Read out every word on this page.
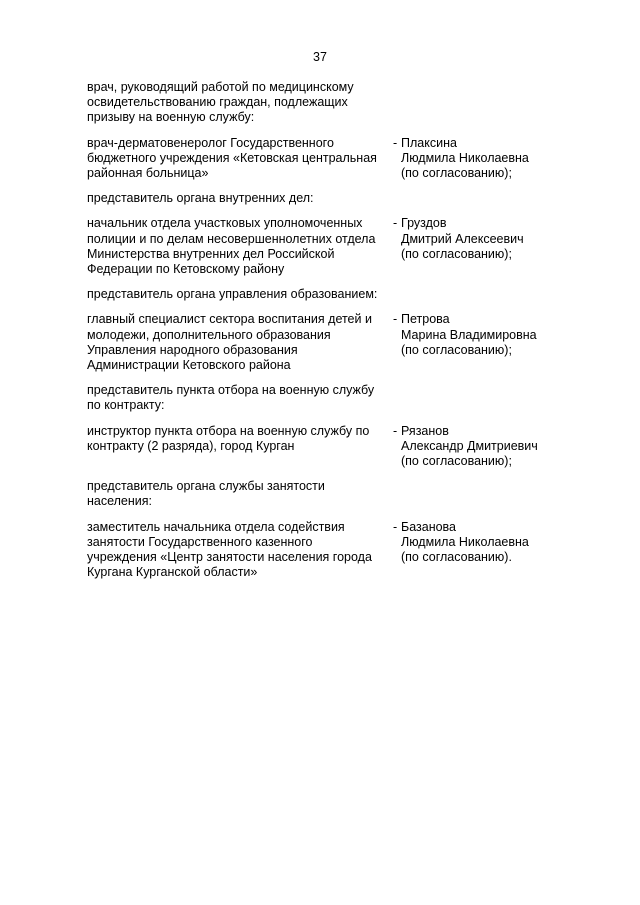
37
врач, руководящий работой по медицинскому
освидетельствованию граждан, подлежащих
призыву на военную службу:
врач-дерматовенеролог Государственного
бюджетного учреждения «Кетовская центральная
районная больница»
- Плаксина
Людмила Николаевна
(по согласованию);
представитель органа внутренних дел:
начальник отдела участковых уполномоченных
полиции и по делам несовершеннолетних отдела
Министерства внутренних дел Российской
Федерации по Кетовскому району
- Груздов
Дмитрий Алексеевич
(по согласованию);
представитель органа управления образованием:
главный специалист сектора воспитания детей и
молодежи, дополнительного образования
Управления народного образования
Администрации Кетовского района
- Петрова
Марина Владимировна
(по согласованию);
представитель пункта отбора на военную службу
по контракту:
инструктор пункта отбора на военную службу по
контракту (2 разряда), город Курган
- Рязанов
Александр Дмитриевич
(по согласованию);
представитель органа службы занятости
населения:
заместитель начальника отдела содействия
занятости Государственного казенного
учреждения «Центр занятости населения города
Кургана Курганской области»
- Базанова
Людмила Николаевна
(по согласованию).
